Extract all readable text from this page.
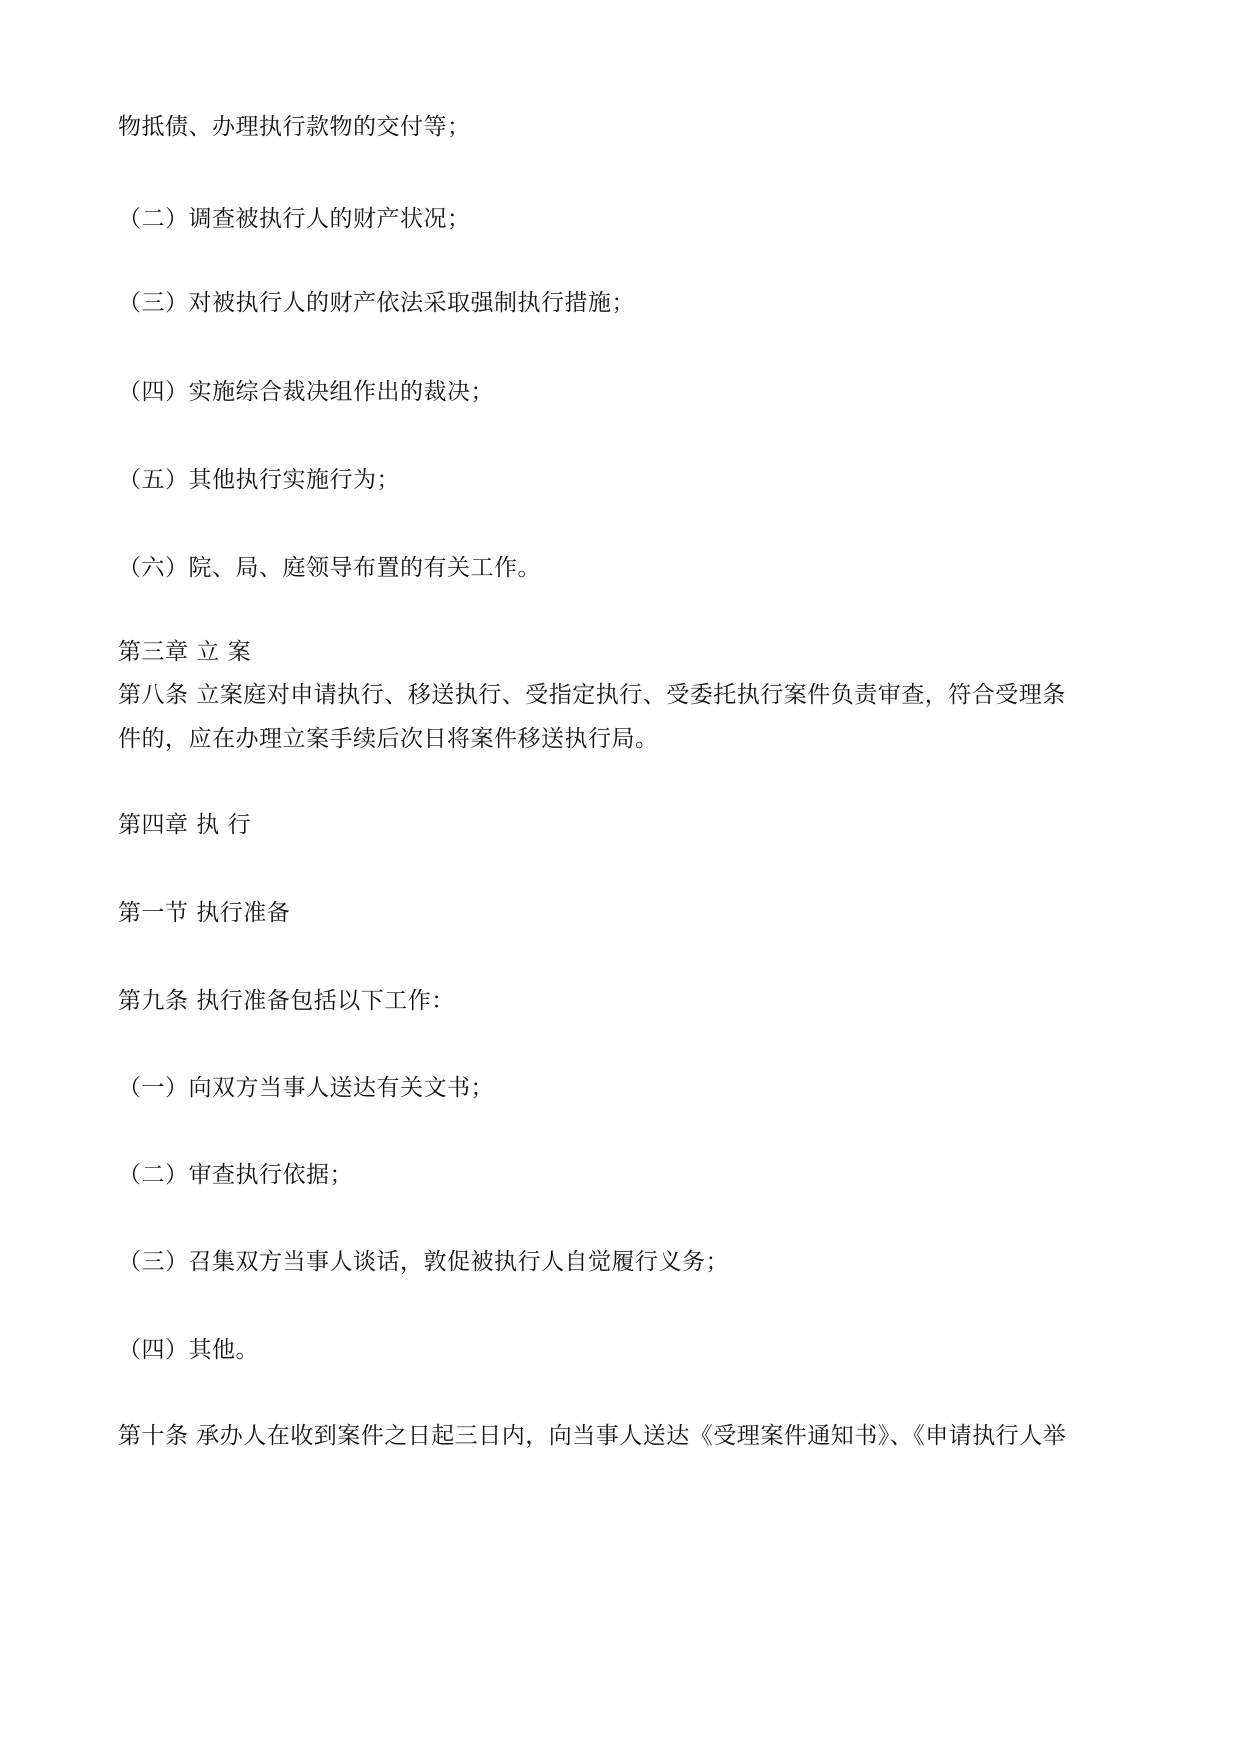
物抵债、办理执行款物的交付等；
（二）调查被执行人的财产状况；
（三）对被执行人的财产依法采取强制执行措施；
（四）实施综合裁决组作出的裁决；
（五）其他执行实施行为；
（六）院、局、庭领导布置的有关工作。
第三章 立 案
第八条 立案庭对申请执行、移送执行、受指定执行、受委托执行案件负责审查，符合受理条
件的，应在办理立案手续后次日将案件移送执行局。
第四章 执 行
第一节 执行准备
第九条 执行准备包括以下工作：
（一）向双方当事人送达有关文书；
（二）审查执行依据；
（三）召集双方当事人谈话，敦促被执行人自觉履行义务；
（四）其他。
第十条 承办人在收到案件之日起三日内，向当事人送达《受理案件通知书》、《申请执行人举
